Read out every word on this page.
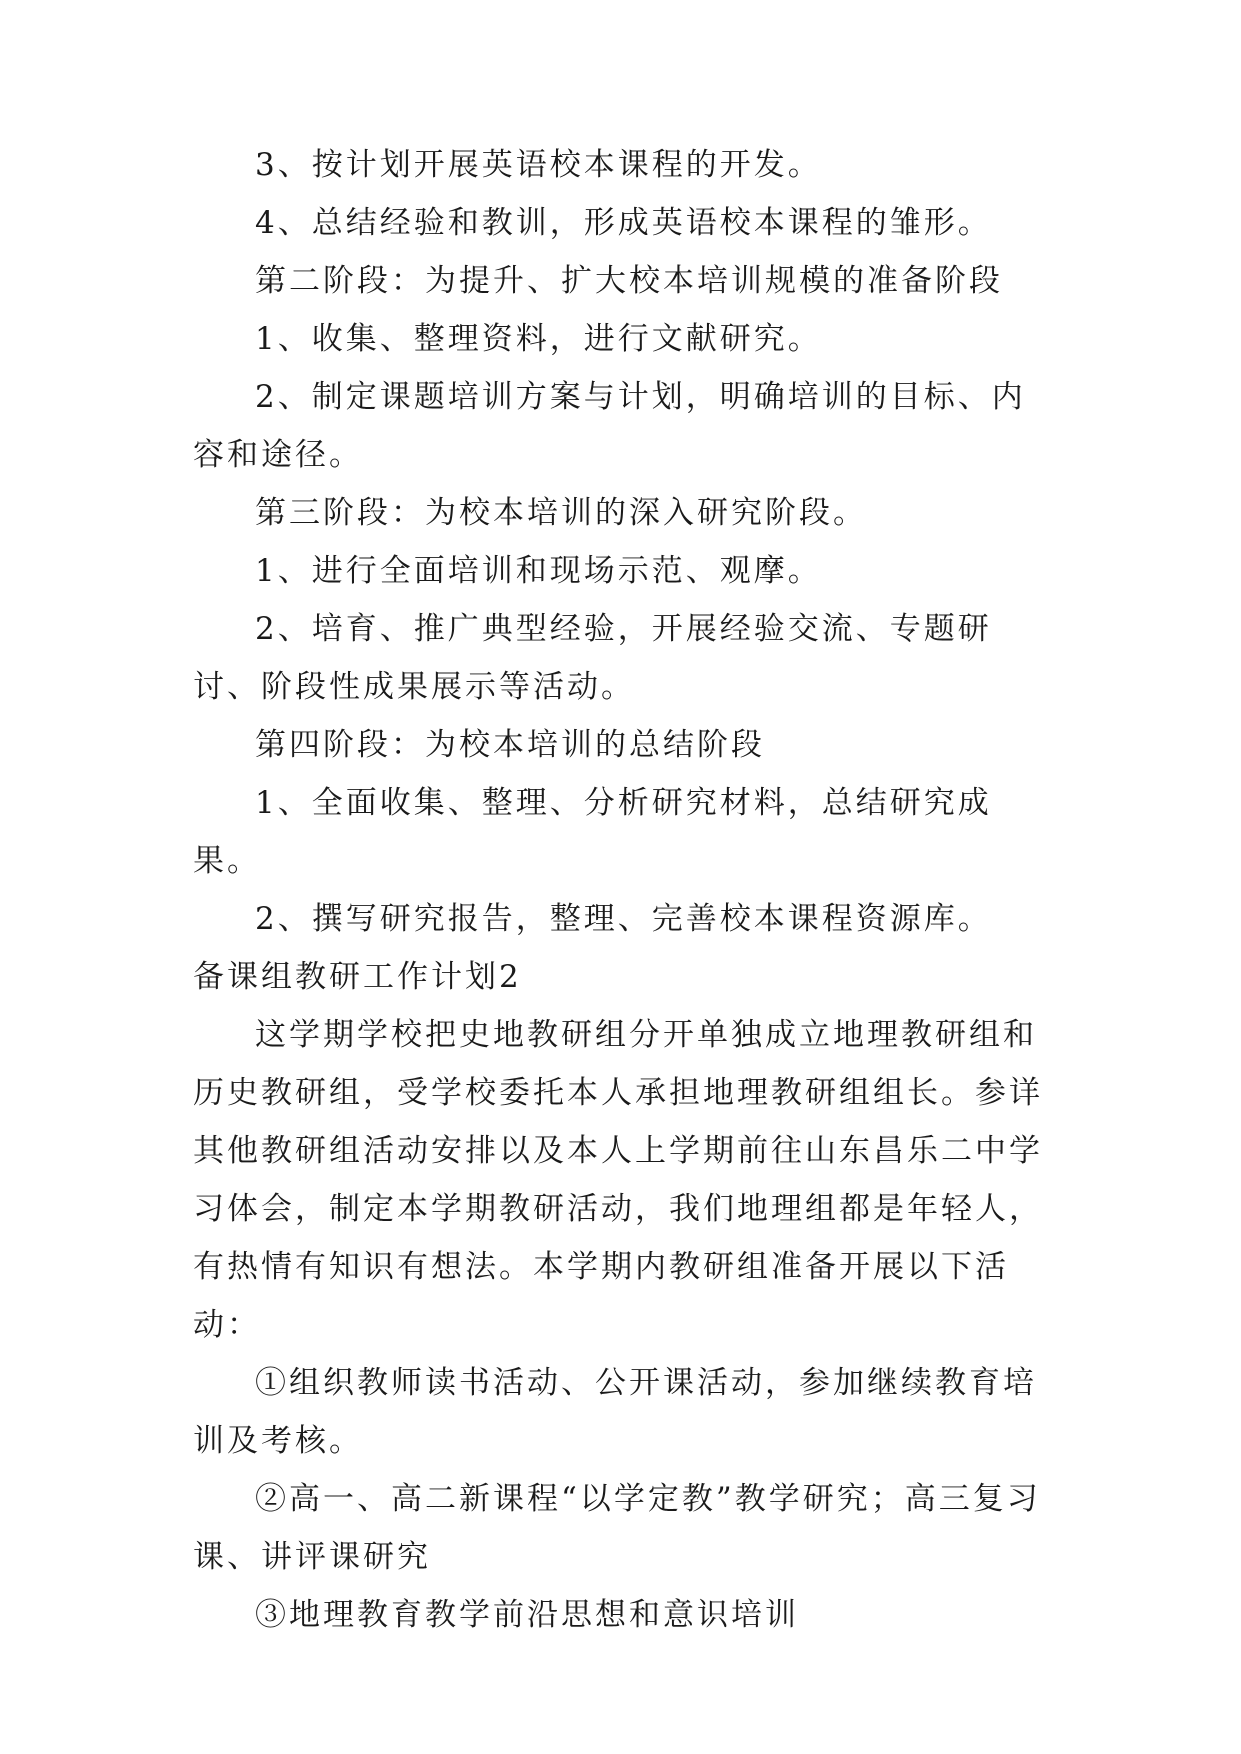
3、按计划开展英语校本课程的开发。

4、总结经验和教训，形成英语校本课程的雏形。

第二阶段：为提升、扩大校本培训规模的准备阶段

1、收集、整理资料，进行文献研究。

2、制定课题培训方案与计划，明确培训的目标、内容和途径。

第三阶段：为校本培训的深入研究阶段。

1、进行全面培训和现场示范、观摩。

2、培育、推广典型经验，开展经验交流、专题研讨、阶段性成果展示等活动。

第四阶段：为校本培训的总结阶段

1、全面收集、整理、分析研究材料，总结研究成果。

2、撰写研究报告，整理、完善校本课程资源库。

备课组教研工作计划2

这学期学校把史地教研组分开单独成立地理教研组和历史教研组，受学校委托本人承担地理教研组组长。参详其他教研组活动安排以及本人上学期前往山东昌乐二中学习体会，制定本学期教研活动，我们地理组都是年轻人，有热情有知识有想法。本学期内教研组准备开展以下活动：

①组织教师读书活动、公开课活动，参加继续教育培训及考核。

②高一、高二新课程“以学定教”教学研究；高三复习课、讲评课研究

③地理教育教学前沿思想和意识培训
